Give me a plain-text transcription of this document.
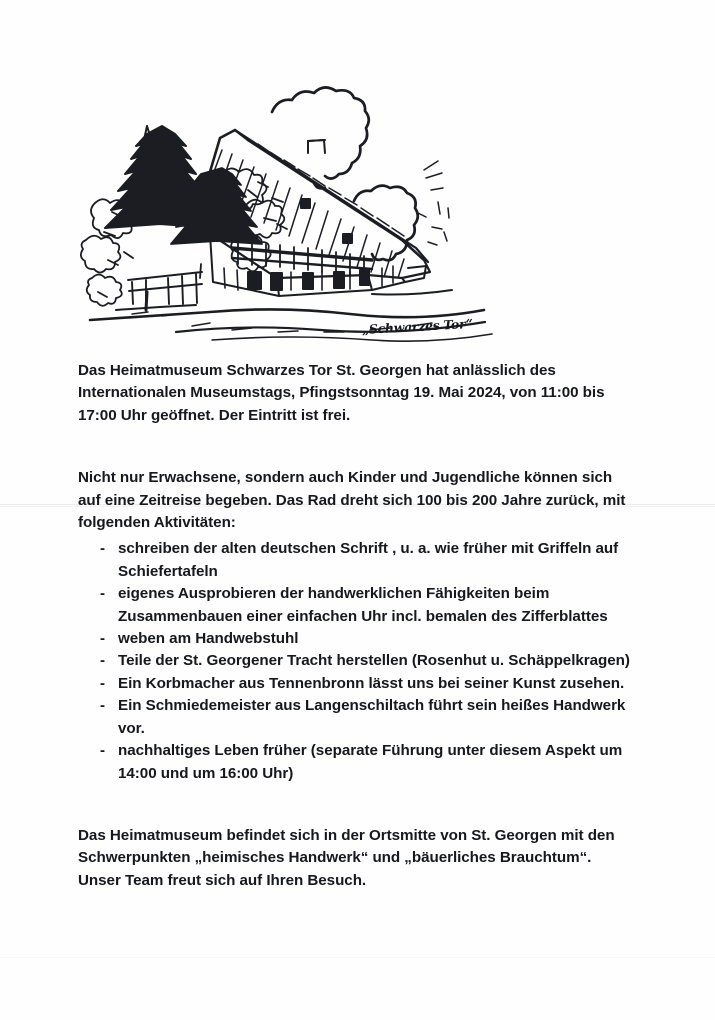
„Schwarzes Tor“

Das Heimatmuseum Schwarzes Tor St. Georgen hat anlässlich des Internationalen Museumstags, Pfingstsonntag 19. Mai 2024, von 11:00 bis 17:00 Uhr geöffnet. Der Eintritt ist frei.

Nicht nur Erwachsene, sondern auch Kinder und Jugendliche können sich auf eine Zeitreise begeben. Das Rad dreht sich 100 bis 200 Jahre zurück, mit folgenden Aktivitäten:

- schreiben der alten deutschen Schrift , u. a. wie früher mit Griffeln auf Schiefertafeln
- eigenes Ausprobieren der handwerklichen Fähigkeiten beim Zusammenbauen einer einfachen Uhr incl. bemalen des Zifferblattes
- weben am Handwebstuhl
- Teile der St. Georgener Tracht herstellen (Rosenhut u. Schäppelkragen)
- Ein Korbmacher aus Tennenbronn lässt uns bei seiner Kunst zusehen.
- Ein Schmiedemeister aus Langenschiltach führt sein heißes Handwerk vor.
- nachhaltiges Leben früher (separate Führung unter diesem Aspekt um 14:00 und um 16:00 Uhr)

Das Heimatmuseum befindet sich in der Ortsmitte von St. Georgen mit den Schwerpunkten „heimisches Handwerk“ und „bäuerliches Brauchtum“.
Unser Team freut sich auf Ihren Besuch.
